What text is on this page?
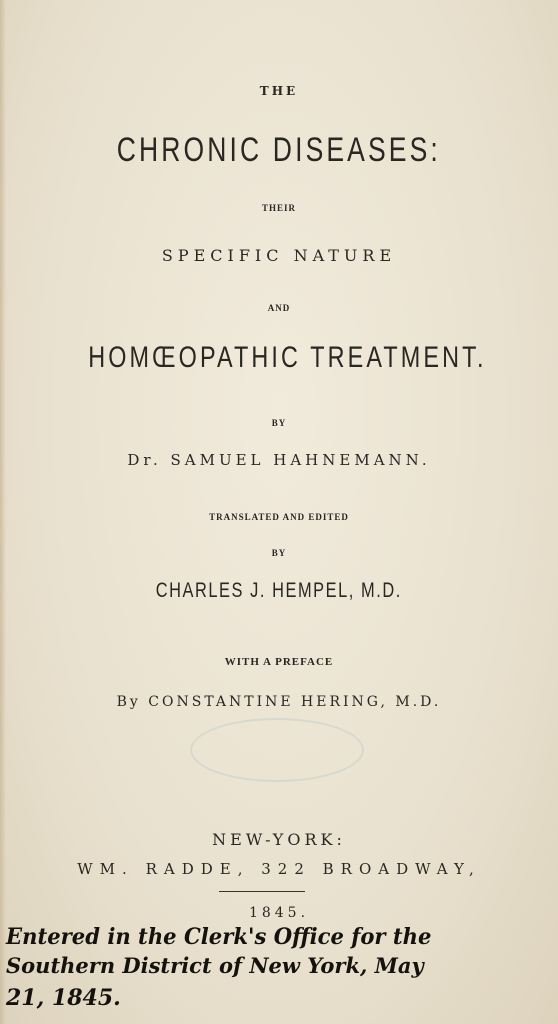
THE
CHRONIC DISEASES:
THEIR
SPECIFIC NATURE
AND
HOMŒOPATHIC TREATMENT.
BY
Dr. SAMUEL HAHNEMANN.
TRANSLATED AND EDITED
BY
CHARLES J. HEMPEL, M.D.
WITH A PREFACE
By CONSTANTINE HERING, M.D.
NEW-YORK:
WM. RADDE, 322 BROADWAY,
1845.
Entered in the Clerk's Office for the
Southern District of New York, May
21, 1845.
